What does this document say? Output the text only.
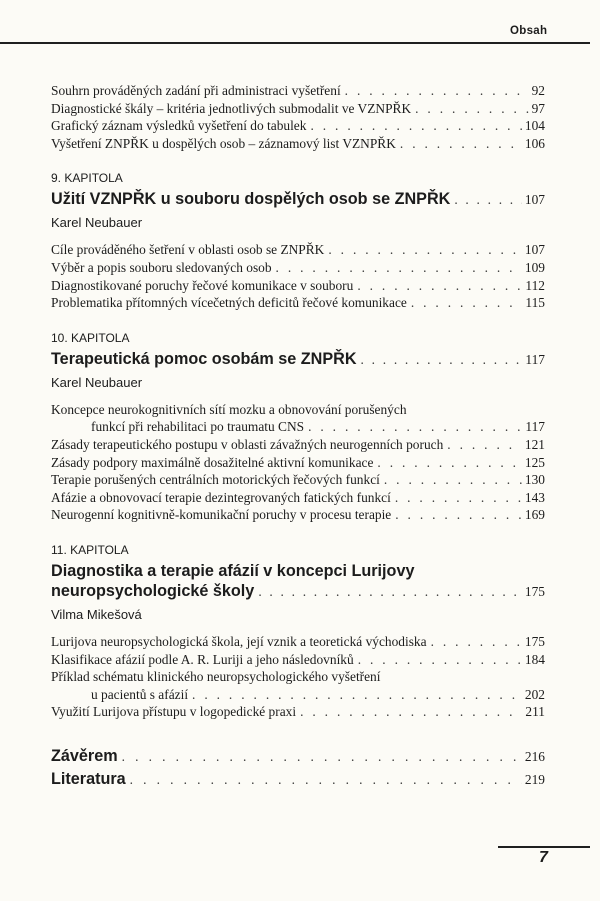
Obsah
Souhrn prováděných zadání při administraci vyšetření . . .	92
Diagnostické škály – kritéria jednotlivých submodalit ve VZNPŘK . . .	97
Grafický záznam výsledků vyšetření do tabulek . . .	104
Vyšetření ZNPŘK u dospělých osob – záznamový list VZNPŘK . . .	106
9. KAPITOLA
Užití VZNPŘK u souboru dospělých osob se ZNPŘK . . .	107
Karel Neubauer
Cíle prováděného šetření v oblasti osob se ZNPŘK . . .	107
Výběr a popis souboru sledovaných osob . . .	109
Diagnostikované poruchy řečové komunikace v souboru . . .	112
Problematika přítomných vícečetných deficitů řečové komunikace . . .	115
10. KAPITOLA
Terapeutická pomoc osobám se ZNPŘK . . .	117
Karel Neubauer
Koncepce neurokognitivních sítí mozku a obnovování porušených
funkcí při rehabilitaci po traumatu CNS . . .	117
Zásady terapeutického postupu v oblasti závažných neurogenních poruch . . .	121
Zásady podpory maximálně dosažitelné aktivní komunikace . . .	125
Terapie porušených centrálních motorických řečových funkcí . . .	130
Afázie a obnovovací terapie dezintegrovaných fatických funkcí . . .	143
Neurogenní kognitivně-komunikační poruchy v procesu terapie . . .	169
11. KAPITOLA
Diagnostika a terapie afázií v koncepci Lurijovy
neuropsychologické školy . . .	175
Vilma Mikešová
Lurijova neuropsychologická škola, její vznik a teoretická východiska . . .	175
Klasifikace afázií podle A. R. Luriji a jeho následovníků . . .	184
Příklad schématu klinického neuropsychologického vyšetření
u pacientů s afázií . . .	202
Využití Lurijova přístupu v logopedické praxi . . .	211
Závěrem . . .	216
Literatura . . .	219
7
